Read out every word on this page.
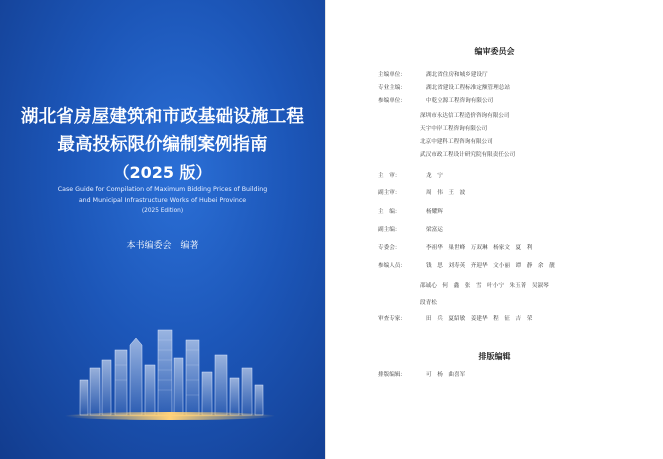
湖北省房屋建筑和市政基础设施工程
最高投标限价编制案例指南
（2025 版）
Case Guide for Compilation of Maximum Bidding Prices of Building
and Municipal Infrastructure Works of Hubei Province
(2025 Edition)
本书编委会　编著
编审委员会
主编单位：	湖北省住房和城乡建设厅
专业主编：	湖北省建设工程标准定额管理总站
参编单位：	中乾立源工程咨询有限公司
深圳市永达信工程造价咨询有限公司
天宇中岸工程咨询有限公司
北京中建科工程咨询有限公司
武汉市政工程设计研究院有限责任公司
主　审：	龙　宁
副主审：	周　伟　王　波
主　编：	杨耀辉
副主编：	梁富运
专委会：	李祖华　巢世峰　万双琳　杨家文　夏　利
参编人员：	钱　思　刘寿英　齐迎华　文小丽　谭　静　余　靓
邵诚心　何　鑫　张　雪　叶小宁　朱玉菁　吴淑琴
段青松
审查专家：	田　兵　夏紹敏　姜建华　程　征　吉　荣
排版编辑
排版编辑：	可　杨　曲喜军
